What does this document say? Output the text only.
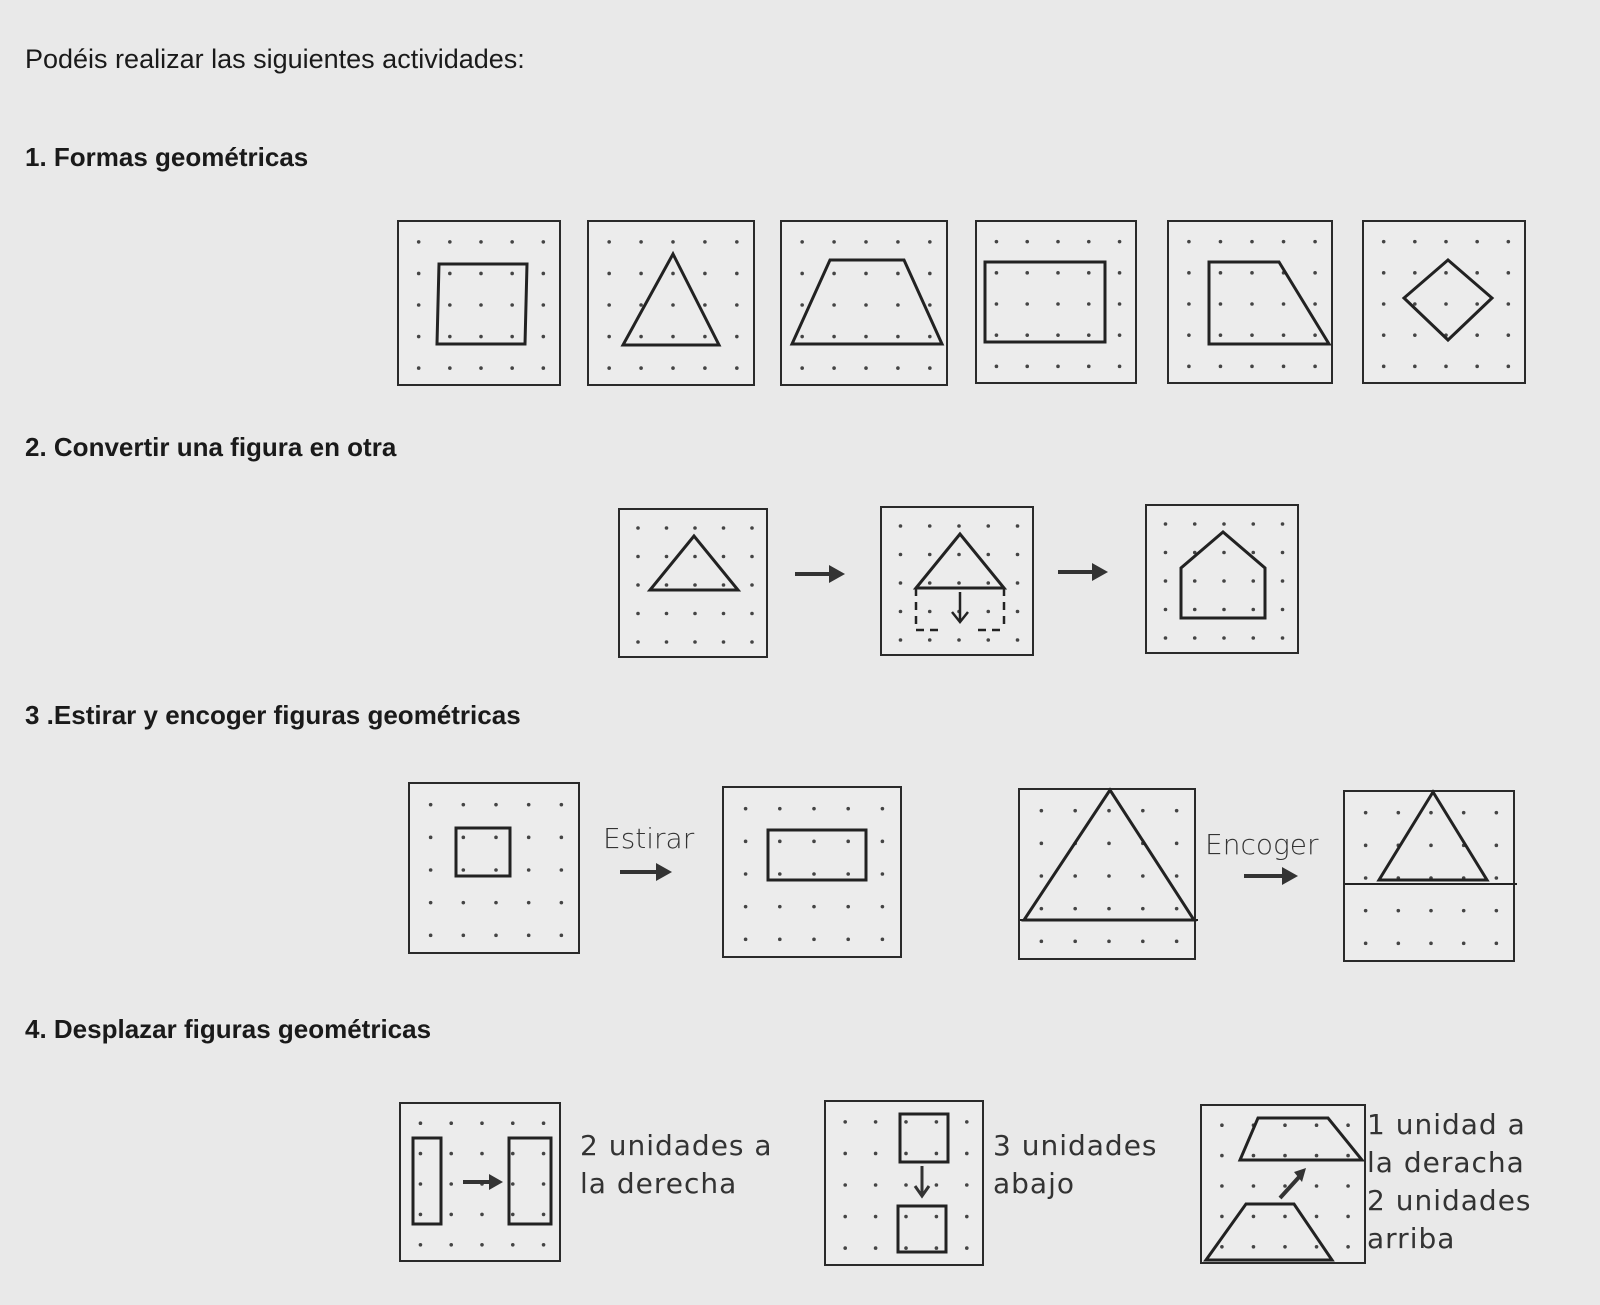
Podéis realizar las siguientes actividades:
1. Formas geométricas
2. Convertir una figura en otra
3 .Estirar y encoger figuras geométricas
Estirar	Encoger
4. Desplazar figuras geométricas
2 unidades a
la derecha
3 unidades
abajo
1 unidad a
la deracha
2 unidades
arriba
